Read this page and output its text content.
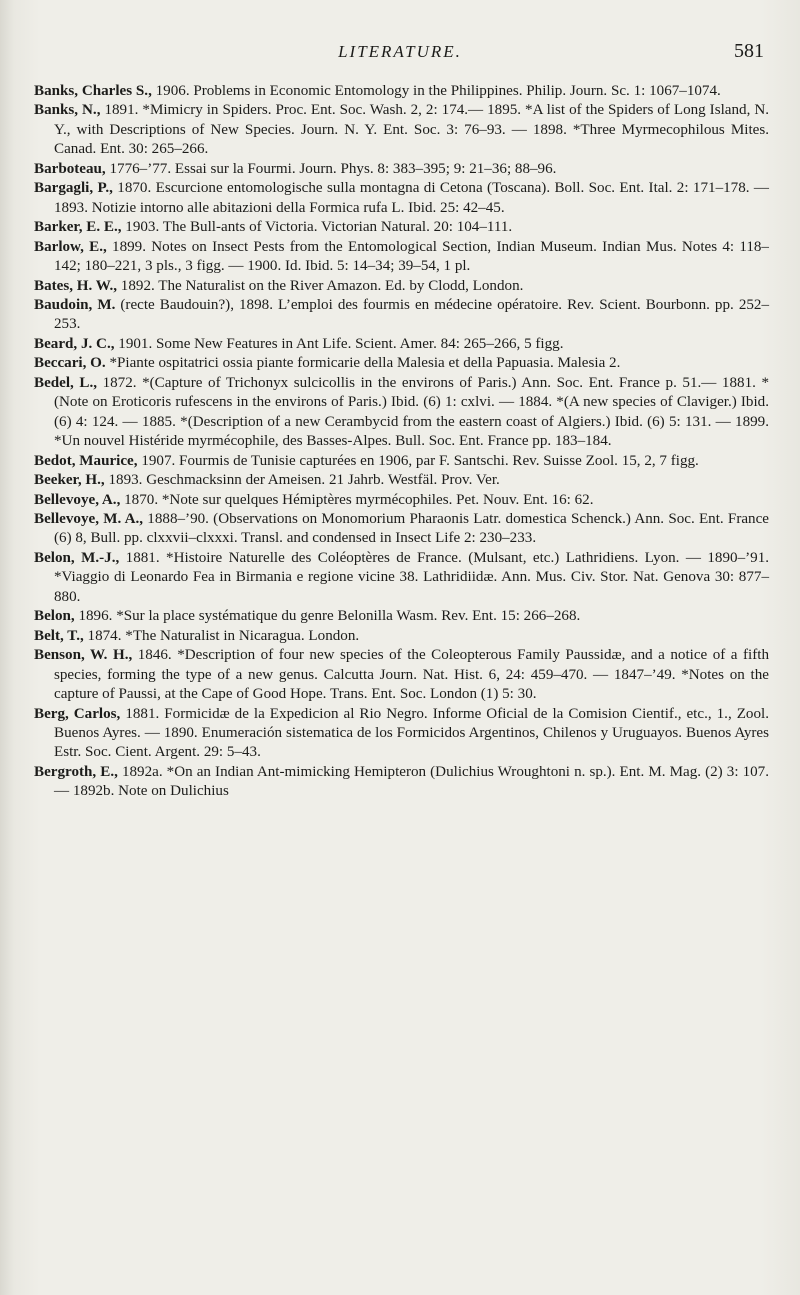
LITERATURE.	581

Banks, Charles S., 1906. Problems in Economic Entomology in the Philippines. Philip. Journ. Sc. 1: 1067–1074.

Banks, N., 1891. *Mimicry in Spiders. Proc. Ent. Soc. Wash. 2, 2: 174.— 1895. *A list of the Spiders of Long Island, N. Y., with Descriptions of New Species. Journ. N. Y. Ent. Soc. 3: 76–93. — 1898. *Three Myrmecophilous Mites. Canad. Ent. 30: 265–266.

Barboteau, 1776–’77. Essai sur la Fourmi. Journ. Phys. 8: 383–395; 9: 21–36; 88–96.

Bargagli, P., 1870. Escurcione entomologische sulla montagna di Cetona (Toscana). Boll. Soc. Ent. Ital. 2: 171–178. — 1893. Notizie intorno alle abitazioni della Formica rufa L. Ibid. 25: 42–45.

Barker, E. E., 1903. The Bull-ants of Victoria. Victorian Natural. 20: 104–111.

Barlow, E., 1899. Notes on Insect Pests from the Entomological Section, Indian Museum. Indian Mus. Notes 4: 118–142; 180–221, 3 pls., 3 figg. — 1900. Id. Ibid. 5: 14–34; 39–54, 1 pl.

Bates, H. W., 1892. The Naturalist on the River Amazon. Ed. by Clodd, London.

Baudoin, M. (recte Baudouin?), 1898. L’emploi des fourmis en médecine opératoire. Rev. Scient. Bourbonn. pp. 252–253.

Beard, J. C., 1901. Some New Features in Ant Life. Scient. Amer. 84: 265–266, 5 figg.

Beccari, O. *Piante ospitatrici ossia piante formicarie della Malesia et della Papuasia. Malesia 2.

Bedel, L., 1872. *(Capture of Trichonyx sulcicollis in the environs of Paris.) Ann. Soc. Ent. France p. 51.— 1881. *(Note on Eroticoris rufescens in the environs of Paris.) Ibid. (6) 1: cxlvi. — 1884. *(A new species of Claviger.) Ibid. (6) 4: 124. — 1885. *(Description of a new Cerambycid from the eastern coast of Algiers.) Ibid. (6) 5: 131. — 1899. *Un nouvel Histéride myrmécophile, des Basses-Alpes. Bull. Soc. Ent. France pp. 183–184.

Bedot, Maurice, 1907. Fourmis de Tunisie capturées en 1906, par F. Santschi. Rev. Suisse Zool. 15, 2, 7 figg.

Beeker, H., 1893. Geschmacksinn der Ameisen. 21 Jahrb. Westfäl. Prov. Ver.

Bellevoye, A., 1870. *Note sur quelques Hémiptères myrmécophiles. Pet. Nouv. Ent. 16: 62.

Bellevoye, M. A., 1888–’90. (Observations on Monomorium Pharaonis Latr. domestica Schenck.) Ann. Soc. Ent. France (6) 8, Bull. pp. clxxvii–clxxxi. Transl. and condensed in Insect Life 2: 230–233.

Belon, M.-J., 1881. *Histoire Naturelle des Coléoptères de France. (Mulsant, etc.) Lathridiens. Lyon. — 1890–’91. *Viaggio di Leonardo Fea in Birmania e regione vicine 38. Lathridiidæ. Ann. Mus. Civ. Stor. Nat. Genova 30: 877–880.

Belon, 1896. *Sur la place systématique du genre Belonilla Wasm. Rev. Ent. 15: 266–268.

Belt, T., 1874. *The Naturalist in Nicaragua. London.

Benson, W. H., 1846. *Description of four new species of the Coleopterous Family Paussidæ, and a notice of a fifth species, forming the type of a new genus. Calcutta Journ. Nat. Hist. 6, 24: 459–470. — 1847–’49. *Notes on the capture of Paussi, at the Cape of Good Hope. Trans. Ent. Soc. London (1) 5: 30.

Berg, Carlos, 1881. Formicidæ de la Expedicion al Rio Negro. Informe Oficial de la Comision Cientif., etc., 1., Zool. Buenos Ayres. — 1890. Enumeración sistematica de los Formicidos Argentinos, Chilenos y Uruguayos. Buenos Ayres Estr. Soc. Cient. Argent. 29: 5–43.

Bergroth, E., 1892a. *On an Indian Ant-mimicking Hemipteron (Dulichius Wroughtoni n. sp.). Ent. M. Mag. (2) 3: 107. — 1892b. Note on Dulichius
